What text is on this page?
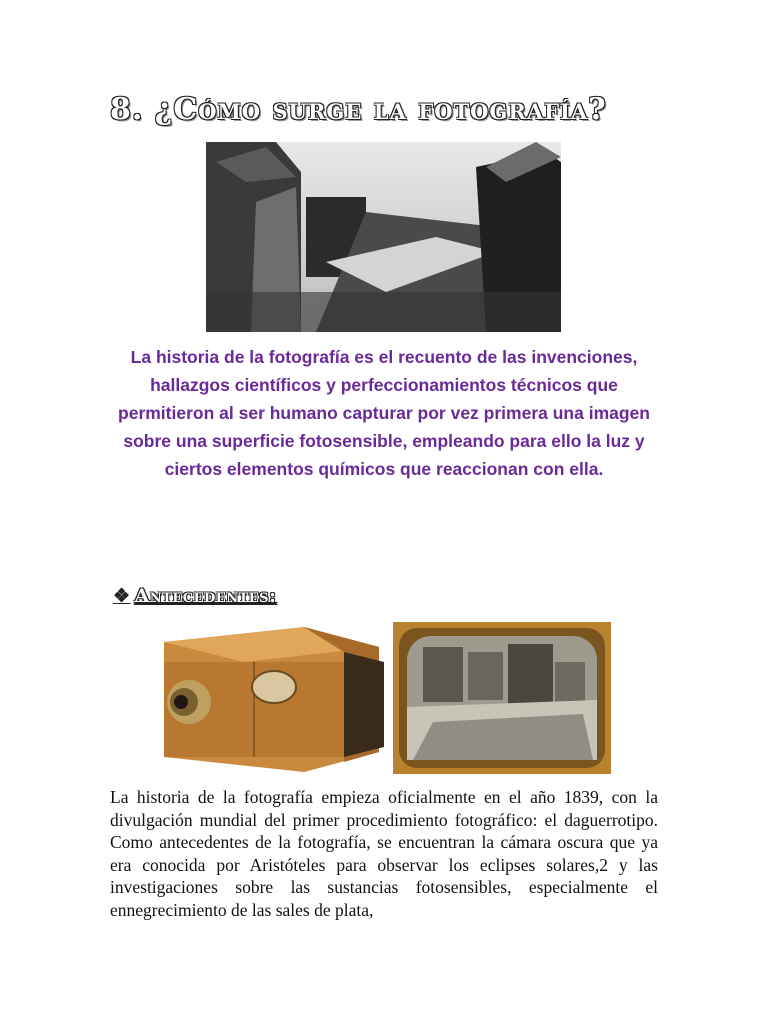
8. ¿Cómo surge la fotografía?

La historia de la fotografía es el recuento de las invenciones, hallazgos científicos y perfeccionamientos técnicos que permitieron al ser humano capturar por vez primera una imagen sobre una superficie fotosensible, empleando para ello la luz y ciertos elementos químicos que reaccionan con ella.

❖ Antecedentes:

La historia de la fotografía empieza oficialmente en el año 1839, con la divulgación mundial del primer procedimiento fotográfico: el daguerrotipo. Como antecedentes de la fotografía, se encuentran la cámara oscura que ya era conocida por Aristóteles para observar los eclipses solares,2 y las investigaciones sobre las sustancias fotosensibles, especialmente el ennegrecimiento de las sales de plata,
